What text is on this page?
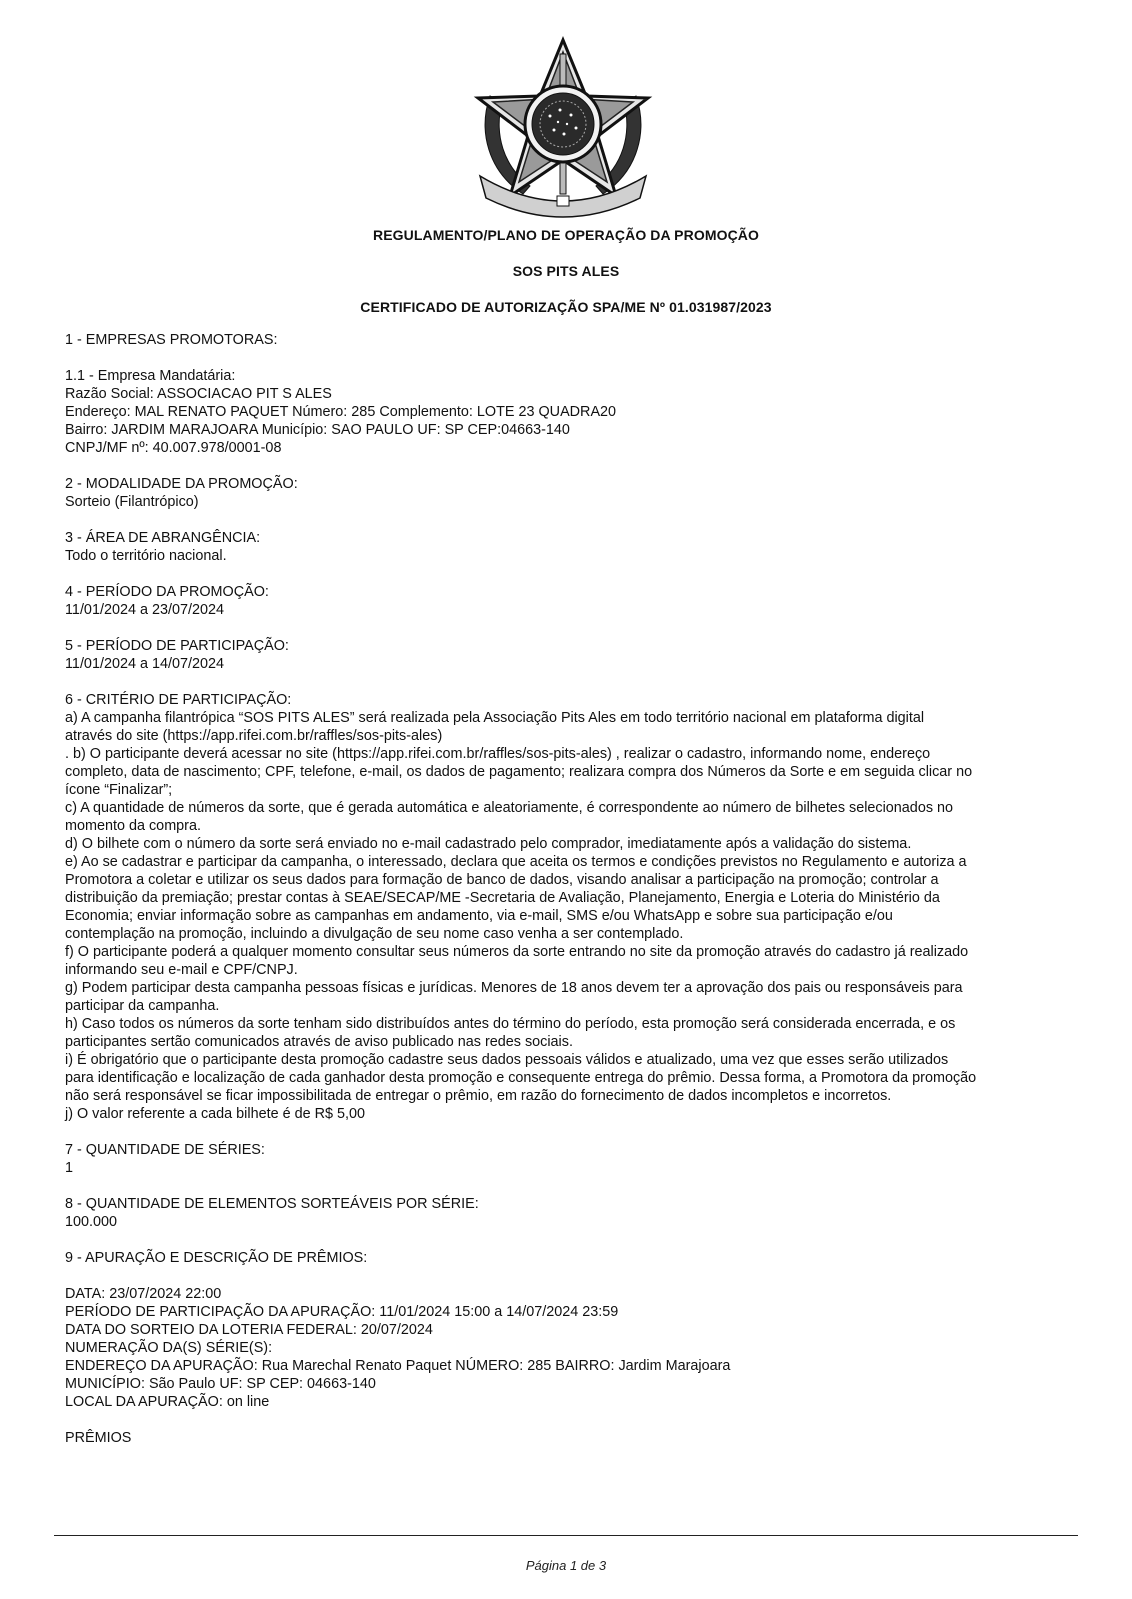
REGULAMENTO/PLANO DE OPERAÇÃO DA PROMOÇÃO
SOS PITS ALES
CERTIFICADO DE AUTORIZAÇÃO SPA/ME Nº 01.031987/2023
1 - EMPRESAS PROMOTORAS:
1.1 - Empresa Mandatária:
Razão Social: ASSOCIACAO PIT S ALES
Endereço: MAL RENATO PAQUET Número: 285 Complemento: LOTE 23 QUADRA20
Bairro: JARDIM MARAJOARA Município: SAO PAULO UF: SP CEP:04663-140
CNPJ/MF nº: 40.007.978/0001-08
2 - MODALIDADE DA PROMOÇÃO:
Sorteio (Filantrópico)
3 - ÁREA DE ABRANGÊNCIA:
Todo o território nacional.
4 - PERÍODO DA PROMOÇÃO:
11/01/2024 a 23/07/2024
5 - PERÍODO DE PARTICIPAÇÃO:
11/01/2024 a 14/07/2024
6 - CRITÉRIO DE PARTICIPAÇÃO:
a) A campanha filantrópica “SOS PITS ALES” será realizada pela Associação Pits Ales em todo território nacional em plataforma digital
através do site (https://app.rifei.com.br/raffles/sos-pits-ales)
. b) O participante deverá acessar no site (https://app.rifei.com.br/raffles/sos-pits-ales) , realizar o cadastro, informando nome, endereço
completo, data de nascimento; CPF, telefone, e-mail, os dados de pagamento; realizara compra dos Números da Sorte e em seguida clicar no
ícone “Finalizar”;
c) A quantidade de números da sorte, que é gerada automática e aleatoriamente, é correspondente ao número de bilhetes selecionados no
momento da compra.
d) O bilhete com o número da sorte será enviado no e-mail cadastrado pelo comprador, imediatamente após a validação do sistema.
e) Ao se cadastrar e participar da campanha, o interessado, declara que aceita os termos e condições previstos no Regulamento e autoriza a
Promotora a coletar e utilizar os seus dados para formação de banco de dados, visando analisar a participação na promoção; controlar a
distribuição da premiação; prestar contas à SEAE/SECAP/ME -Secretaria de Avaliação, Planejamento, Energia e Loteria do Ministério da
Economia; enviar informação sobre as campanhas em andamento, via e-mail, SMS e/ou WhatsApp e sobre sua participação e/ou
contemplação na promoção, incluindo a divulgação de seu nome caso venha a ser contemplado.
f) O participante poderá a qualquer momento consultar seus números da sorte entrando no site da promoção através do cadastro já realizado
informando seu e-mail e CPF/CNPJ.
g) Podem participar desta campanha pessoas físicas e jurídicas. Menores de 18 anos devem ter a aprovação dos pais ou responsáveis para
participar da campanha.
h) Caso todos os números da sorte tenham sido distribuídos antes do término do período, esta promoção será considerada encerrada, e os
participantes sertão comunicados através de aviso publicado nas redes sociais.
i) É obrigatório que o participante desta promoção cadastre seus dados pessoais válidos e atualizado, uma vez que esses serão utilizados
para identificação e localização de cada ganhador desta promoção e consequente entrega do prêmio. Dessa forma, a Promotora da promoção
não será responsável se ficar impossibilitada de entregar o prêmio, em razão do fornecimento de dados incompletos e incorretos.
j) O valor referente a cada bilhete é de R$ 5,00
7 - QUANTIDADE DE SÉRIES:
1
8 - QUANTIDADE DE ELEMENTOS SORTEÁVEIS POR SÉRIE:
100.000
9 - APURAÇÃO E DESCRIÇÃO DE PRÊMIOS:
DATA: 23/07/2024 22:00
PERÍODO DE PARTICIPAÇÃO DA APURAÇÃO: 11/01/2024 15:00 a 14/07/2024 23:59
DATA DO SORTEIO DA LOTERIA FEDERAL: 20/07/2024
NUMERAÇÃO DA(S) SÉRIE(S):
ENDEREÇO DA APURAÇÃO: Rua Marechal Renato Paquet NÚMERO: 285 BAIRRO: Jardim Marajoara
MUNICÍPIO: São Paulo UF: SP CEP: 04663-140
LOCAL DA APURAÇÃO: on line
PRÊMIOS
Página 1 de 3
